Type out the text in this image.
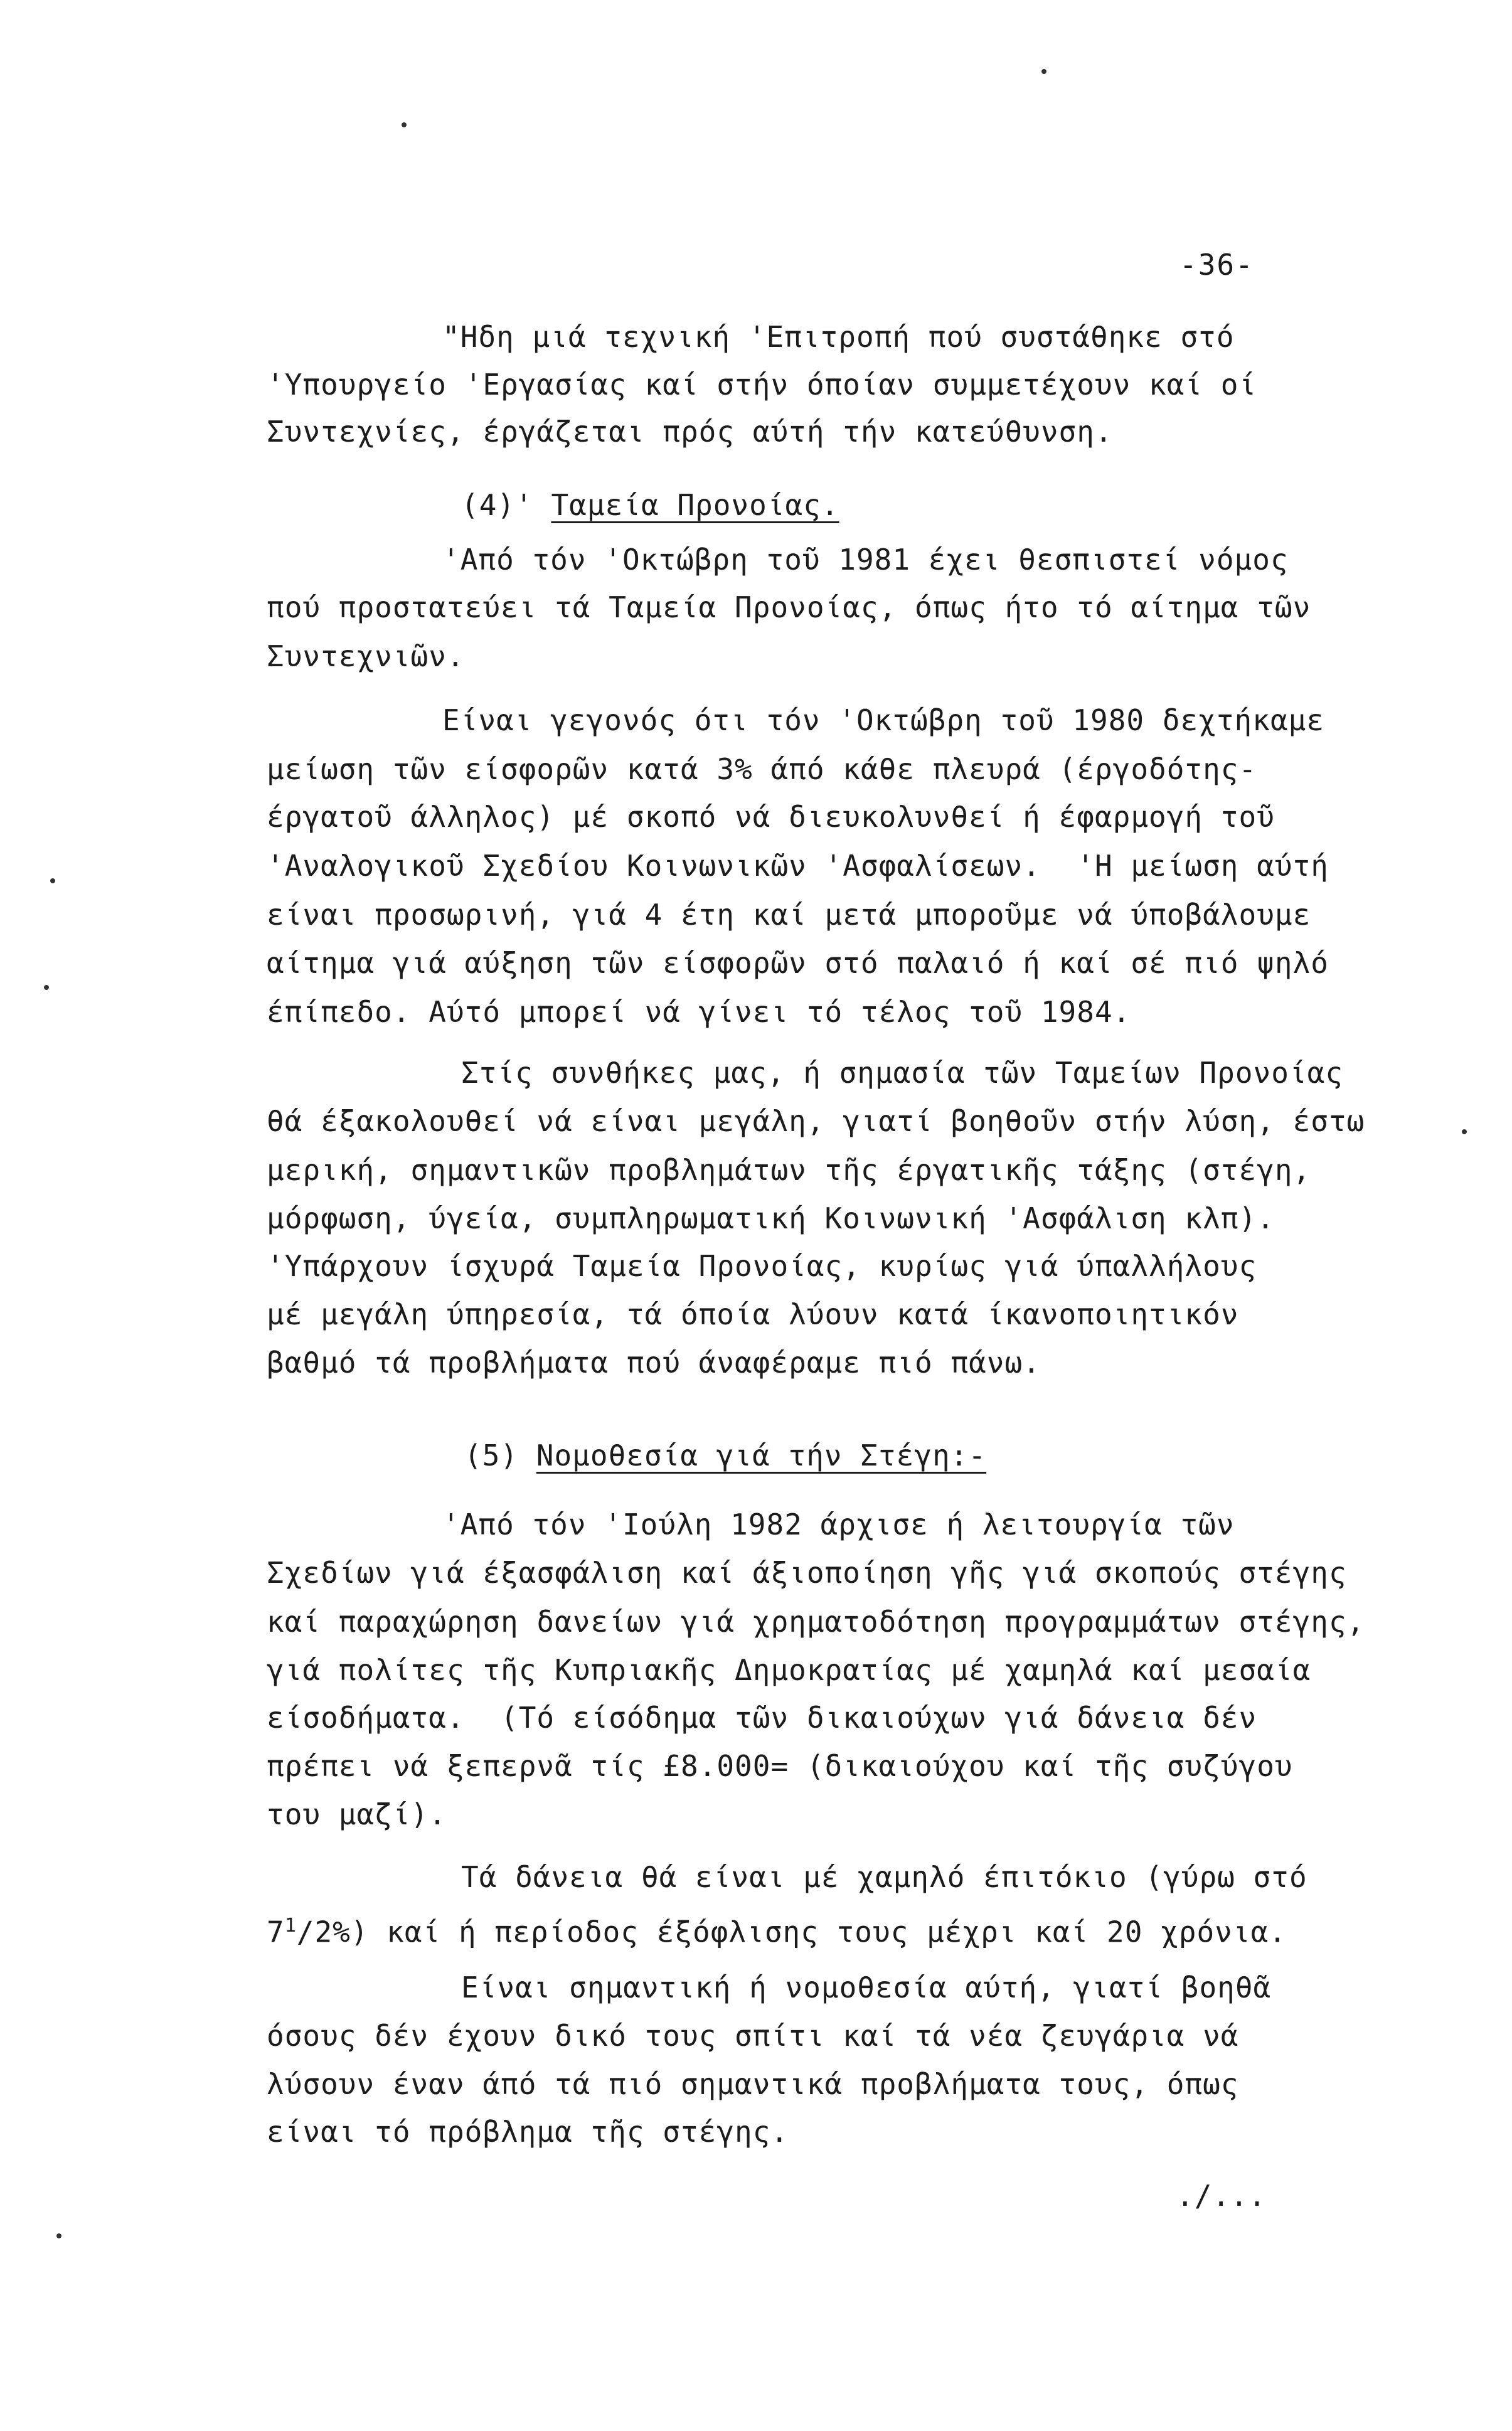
-36-
"Ηδη μιά τεχνική 'Επιτροπή πού συστάθηκε στό
'Υπουργείο 'Εργασίας καί στήν όποίαν συμμετέχουν καί οί
Συντεχνίες, έργάζεται πρός αύτή τήν κατεύθυνση.
(4)' Ταμεία Προνοίας.
'Από τόν 'Οκτώβρη τοῦ 1981 έχει θεσπιστεί νόμος
πού προστατεύει τά Ταμεία Προνοίας, όπως ήτο τό αίτημα τῶν
Συντεχνιῶν.
Είναι γεγονός ότι τόν 'Οκτώβρη τοῦ 1980 δεχτήκαμε
μείωση τῶν είσφορῶν κατά 3% άπό κάθε πλευρά (έργοδότης-
έργατοῦ άλληλος) μέ σκοπό νά διευκολυνθεί ή έφαρμογή τοῦ
'Αναλογικοῦ Σχεδίου Κοινωνικῶν 'Ασφαλίσεων.  'Η μείωση αύτή
είναι προσωρινή, γιά 4 έτη καί μετά μποροῦμε νά ύποβάλουμε
αίτημα γιά αύξηση τῶν είσφορῶν στό παλαιό ή καί σέ πιό ψηλό
έπίπεδο. Αύτό μπορεί νά γίνει τό τέλος τοῦ 1984.
Στίς συνθήκες μας, ή σημασία τῶν Ταμείων Προνοίας
θά έξακολουθεί νά είναι μεγάλη, γιατί βοηθοῦν στήν λύση, έστω
μερική, σημαντικῶν προβλημάτων τῆς έργατικῆς τάξης (στέγη,
μόρφωση, ύγεία, συμπληρωματική Κοινωνική 'Ασφάλιση κλπ).
'Υπάρχουν ίσχυρά Ταμεία Προνοίας, κυρίως γιά ύπαλλήλους
μέ μεγάλη ύπηρεσία, τά όποία λύουν κατά ίκανοποιητικόν
βαθμό τά προβλήματα πού άναφέραμε πιό πάνω.
(5) Νομοθεσία γιά τήν Στέγη:-
'Από τόν 'Ιούλη 1982 άρχισε ή λειτουργία τῶν
Σχεδίων γιά έξασφάλιση καί άξιοποίηση γῆς γιά σκοπούς στέγης
καί παραχώρηση δανείων γιά χρηματοδότηση προγραμμάτων στέγης,
γιά πολίτες τῆς Κυπριακῆς Δημοκρατίας μέ χαμηλά καί μεσαία
είσοδήματα.  (Τό είσόδημα τῶν δικαιούχων γιά δάνεια δέν
πρέπει νά ξεπερνᾶ τίς £8.000= (δικαιούχου καί τῆς συζύγου
του μαζί).
Τά δάνεια θά είναι μέ χαμηλό έπιτόκιο (γύρω στό
$7^1/2\%$) καί ή περίοδος έξόφλισης τους μέχρι καί 20 χρόνια.
Είναι σημαντική ή νομοθεσία αύτή, γιατί βοηθᾶ
όσους δέν έχουν δικό τους σπίτι καί τά νέα ζευγάρια νά
λύσουν έναν άπό τά πιό σημαντικά προβλήματα τους, όπως
είναι τό πρόβλημα τῆς στέγης.
./...
